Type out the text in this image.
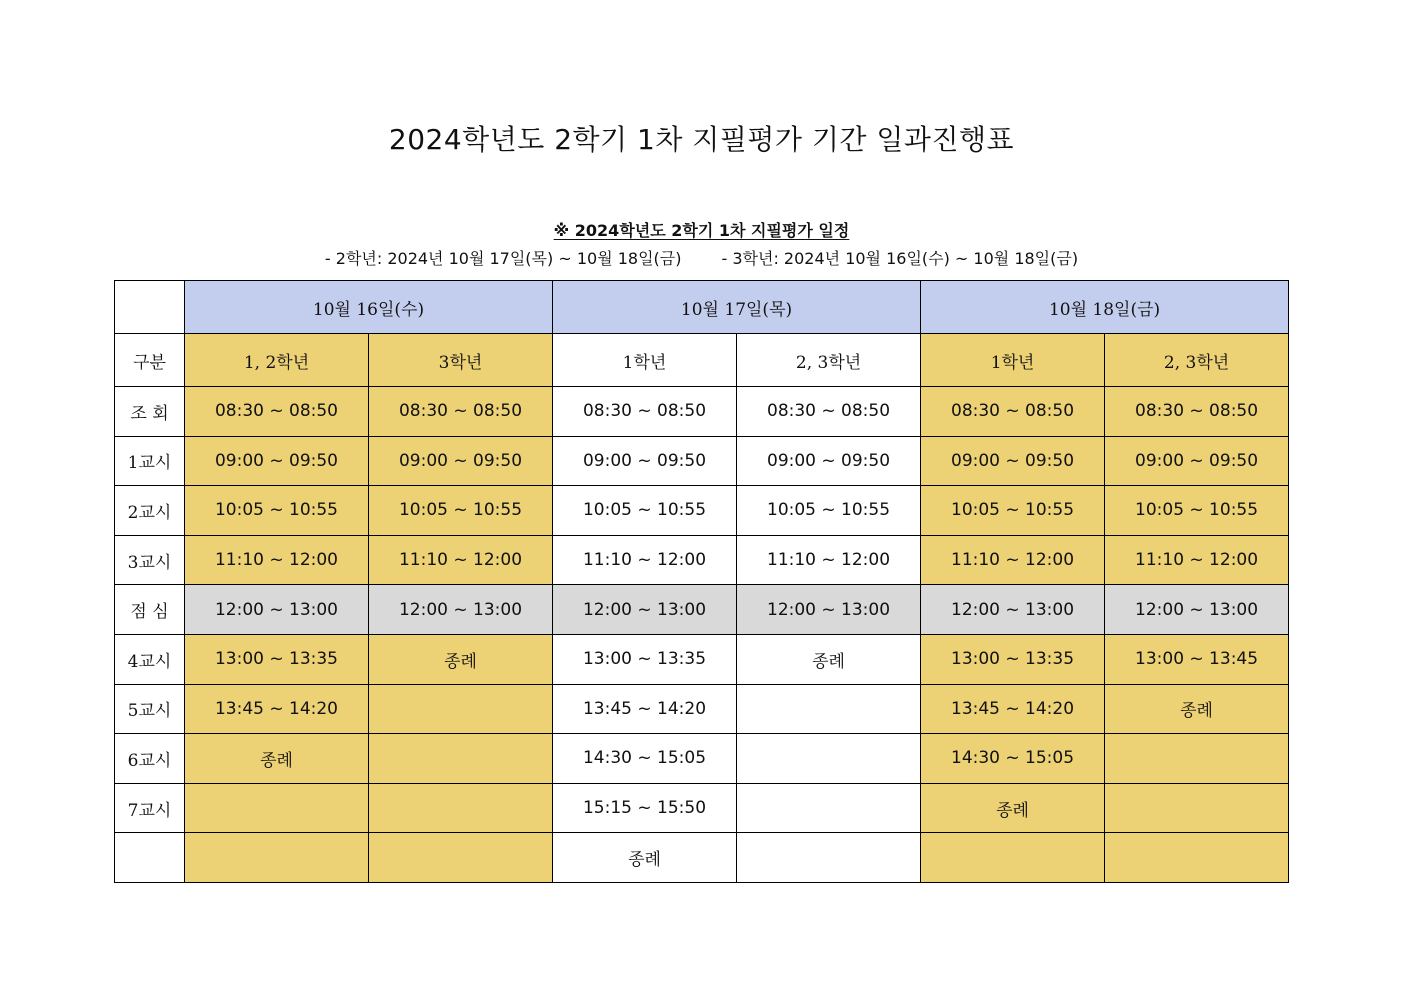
2024학년도 2학기 1차 지필평가 기간 일과진행표
※ 2024학년도 2학기 1차 지필평가 일정
- 2학년: 2024년 10월 17일(목) ~ 10월 18일(금)	- 3학년: 2024년 10월 16일(수) ~ 10월 18일(금)
	10월 16일(수)		10월 17일(목)		10월 18일(금)	
구분	1, 2학년	3학년	1학년	2, 3학년	1학년	2, 3학년
조 회	08:30 ~ 08:50	08:30 ~ 08:50	08:30 ~ 08:50	08:30 ~ 08:50	08:30 ~ 08:50	08:30 ~ 08:50
1교시	09:00 ~ 09:50	09:00 ~ 09:50	09:00 ~ 09:50	09:00 ~ 09:50	09:00 ~ 09:50	09:00 ~ 09:50
2교시	10:05 ~ 10:55	10:05 ~ 10:55	10:05 ~ 10:55	10:05 ~ 10:55	10:05 ~ 10:55	10:05 ~ 10:55
3교시	11:10 ~ 12:00	11:10 ~ 12:00	11:10 ~ 12:00	11:10 ~ 12:00	11:10 ~ 12:00	11:10 ~ 12:00
점 심	12:00 ~ 13:00	12:00 ~ 13:00	12:00 ~ 13:00	12:00 ~ 13:00	12:00 ~ 13:00	12:00 ~ 13:00
4교시	13:00 ~ 13:35	종례	13:00 ~ 13:35	종례	13:00 ~ 13:35	13:00 ~ 13:45
5교시	13:45 ~ 14:20		13:45 ~ 14:20		13:45 ~ 14:20	종례
6교시	종례		14:30 ~ 15:05		14:30 ~ 15:05	
7교시			15:15 ~ 15:50		종례	
			종례			
